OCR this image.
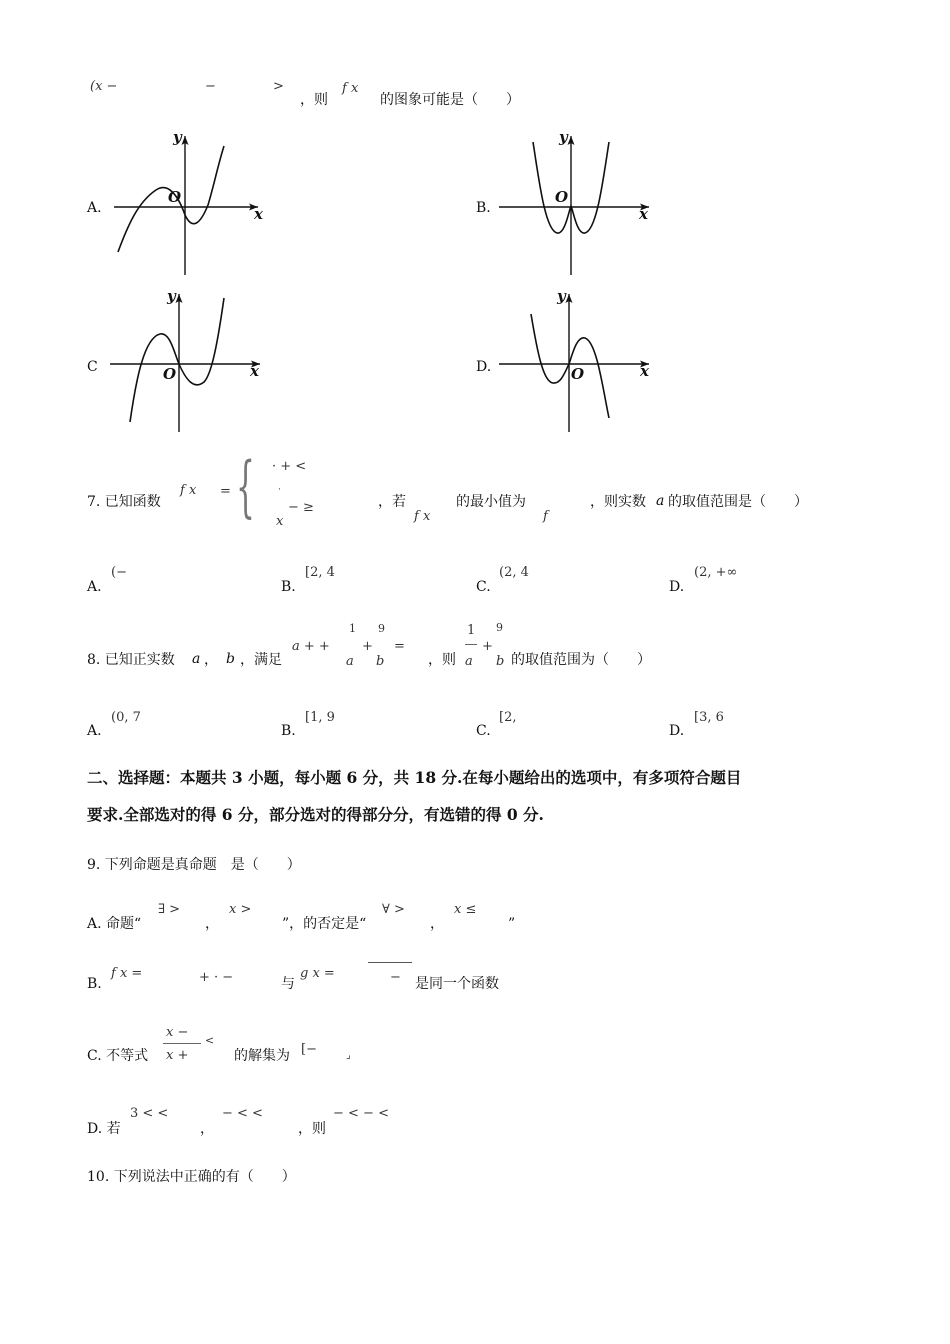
(x −	−	>
，则
f x
的图象可能是（　　）
A.
y
O
x	B.
y
O
x
C
y
O	x	D.
y
O	x
7. 已知函数
f x = { · + <
·
− ≥
x
，若
f x
的最小值为
f
，则实数 a 的取值范围是（　　）
A.
(−
B.
[2, 4
C.
(2, 4
D.
(2, +∞
8. 已知正实数 a ， b ，满足
a + +
1 9
a
+
b
=
，则
1 9
a
+
b 的取值范围为（　　）
A.
(0, 7
B.
[1, 9
C.
[2,
D.
[3, 6
二、选择题：本题共 3 小题，每小题 6 分，共 18 分.在每小题给出的选项中，有多项符合题目
要求.全部选对的得 6 分，部分选对的得部分分，有选错的得 0 分.
9. 下列命题是真命题　是（　　）
A. 命题“
∃ >
，
x >
”，的否定是“
∀ >
，
x ≤
”
B.
f x =	+ · −	与
g x =	− 是同一个函数
C. 不等式
x −
x +
<
的解集为 [−	⌟
D. 若
3 < <
，
− < <
，则
− < − <
10. 下列说法中正确的有（　　）
